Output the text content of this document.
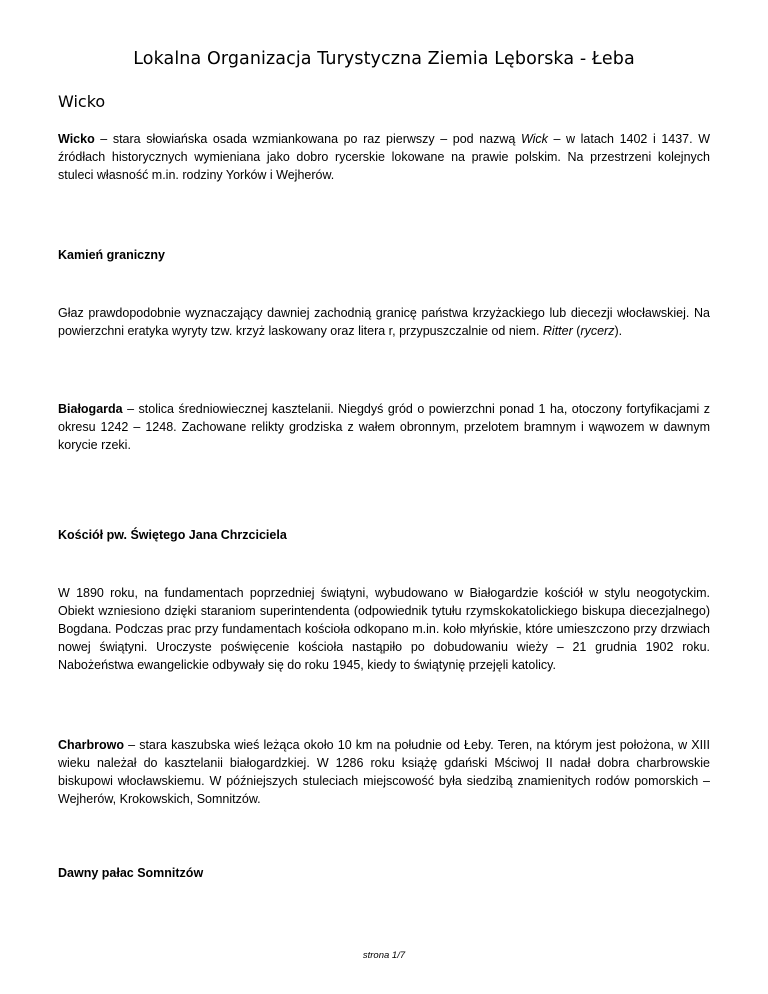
Lokalna Organizacja Turystyczna Ziemia Lęborska - Łeba
Wicko
Wicko – stara słowiańska osada wzmiankowana po raz pierwszy – pod nazwą Wick – w latach 1402 i 1437. W źródłach historycznych wymieniana jako dobro rycerskie lokowane na prawie polskim. Na przestrzeni kolejnych stuleci własność m.in. rodziny Yorków i Wejherów.
Kamień graniczny
Głaz prawdopodobnie wyznaczający dawniej zachodnią granicę państwa krzyżackiego lub diecezji włocławskiej. Na powierzchni eratyka wyryty tzw. krzyż laskowany oraz litera r, przypuszczalnie od niem. Ritter (rycerz).
Białogarda – stolica średniowiecznej kasztelanii. Niegdyś gród o powierzchni ponad 1 ha, otoczony fortyfikacjami z okresu 1242 – 1248. Zachowane relikty grodziska z wałem obronnym, przelotem bramnym i wąwozem w dawnym korycie rzeki.
Kościół pw. Świętego Jana Chrzciciela
W 1890 roku, na fundamentach poprzedniej świątyni, wybudowano w Białogardzie kościół w stylu neogotyckim. Obiekt wzniesiono dzięki staraniom superintendenta (odpowiednik tytułu rzymskokatolickiego biskupa diecezjalnego) Bogdana. Podczas prac przy fundamentach kościoła odkopano m.in. koło młyńskie, które umieszczono przy drzwiach nowej świątyni. Uroczyste poświęcenie kościoła nastąpiło po dobudowaniu wieży – 21 grudnia 1902 roku. Nabożeństwa ewangelickie odbywały się do roku 1945, kiedy to świątynię przejęli katolicy.
Charbrowo – stara kaszubska wieś leżąca około 10 km na południe od Łeby. Teren, na którym jest położona, w XIII wieku należał do kasztelanii białogardzkiej. W 1286 roku książę gdański Mściwoj II nadał dobra charbrowskie biskupowi włocławskiemu. W późniejszych stuleciach miejscowość była siedzibą znamienitych rodów pomorskich – Wejherów, Krokowskich, Somnitzów.
Dawny pałac Somnitzów
strona 1/7
